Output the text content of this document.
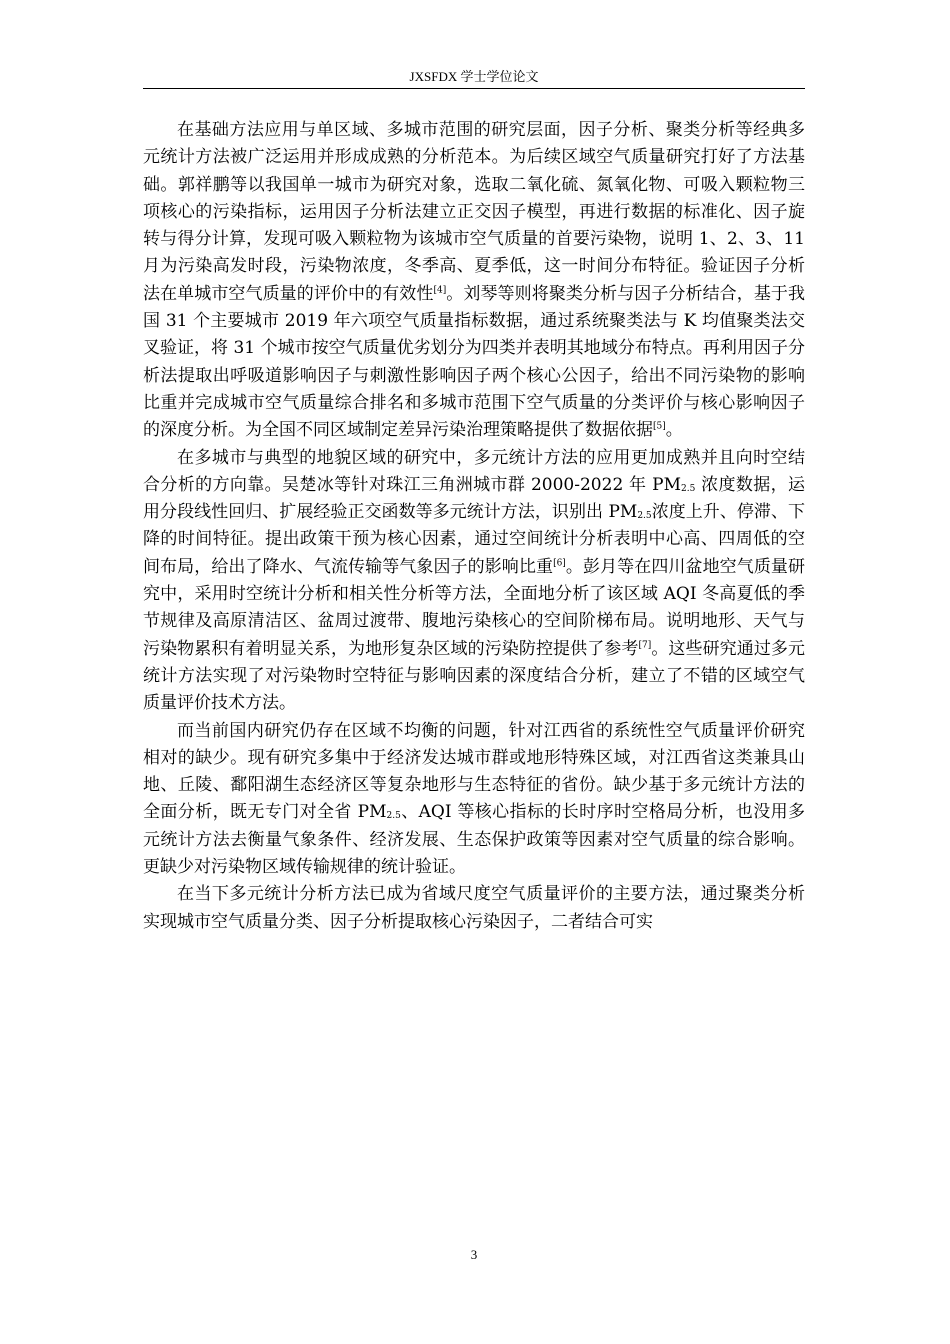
JXSFDX 学士学位论文

在基础方法应用与单区域、多城市范围的研究层面，因子分析、聚类分析等经典多元统计方法被广泛运用并形成成熟的分析范本。为后续区域空气质量研究打好了方法基础。郭祥鹏等以我国单一城市为研究对象，选取二氧化硫、氮氧化物、可吸入颗粒物三项核心的污染指标，运用因子分析法建立正交因子模型，再进行数据的标准化、因子旋转与得分计算，发现可吸入颗粒物为该城市空气质量的首要污染物，说明 1、2、3、11 月为污染高发时段，污染物浓度，冬季高、夏季低，这一时间分布特征。验证因子分析法在单城市空气质量的评价中的有效性[4]。刘琴等则将聚类分析与因子分析结合，基于我国 31 个主要城市 2019 年六项空气质量指标数据，通过系统聚类法与 K 均值聚类法交叉验证，将 31 个城市按空气质量优劣划分为四类并表明其地域分布特点。再利用因子分析法提取出呼吸道影响因子与刺激性影响因子两个核心公因子，给出不同污染物的影响比重并完成城市空气质量综合排名和多城市范围下空气质量的分类评价与核心影响因子的深度分析。为全国不同区域制定差异污染治理策略提供了数据依据[5]。

在多城市与典型的地貌区域的研究中，多元统计方法的应用更加成熟并且向时空结合分析的方向靠。吴楚冰等针对珠江三角洲城市群 2000-2022 年 $PM_{2.5}$ 浓度数据，运用分段线性回归、扩展经验正交函数等多元统计方法，识别出 $PM_{2.5}$浓度上升、停滞、下降的时间特征。提出政策干预为核心因素，通过空间统计分析表明中心高、四周低的空间布局，给出了降水、气流传输等气象因子的影响比重[6]。彭月等在四川盆地空气质量研究中，采用时空统计分析和相关性分析等方法，全面地分析了该区域 AQI 冬高夏低的季节规律及高原清洁区、盆周过渡带、腹地污染核心的空间阶梯布局。说明地形、天气与污染物累积有着明显关系，为地形复杂区域的污染防控提供了参考[7]。这些研究通过多元统计方法实现了对污染物时空特征与影响因素的深度结合分析，建立了不错的区域空气质量评价技术方法。

而当前国内研究仍存在区域不均衡的问题，针对江西省的系统性空气质量评价研究相对的缺少。现有研究多集中于经济发达城市群或地形特殊区域，对江西省这类兼具山地、丘陵、鄱阳湖生态经济区等复杂地形与生态特征的省份。缺少基于多元统计方法的全面分析，既无专门对全省 $PM_{2.5}$、AQI 等核心指标的长时序时空格局分析，也没用多元统计方法去衡量气象条件、经济发展、生态保护政策等因素对空气质量的综合影响。更缺少对污染物区域传输规律的统计验证。

在当下多元统计分析方法已成为省域尺度空气质量评价的主要方法，通过聚类分析实现城市空气质量分类、因子分析提取核心污染因子，二者结合可实

3
